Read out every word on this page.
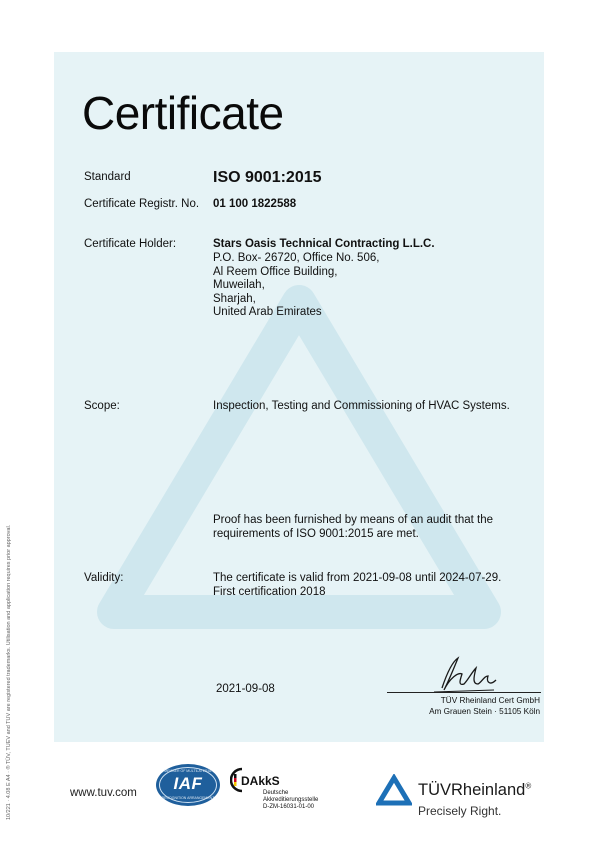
Certificate
Standard	ISO 9001:2015
Certificate Registr. No. 01 100 1822588
Certificate Holder:	Stars Oasis Technical Contracting L.L.C.
P.O. Box- 26720, Office No. 506,
Al Reem Office Building,
Muweilah,
Sharjah,
United Arab Emirates
Scope:	Inspection, Testing and Commissioning of HVAC Systems.
Proof has been furnished by means of an audit that the
requirements of ISO 9001:2015 are met.
Validity:	The certificate is valid from 2021-09-08 until 2024-07-29.
First certification 2018
2021-09-08
TÜV Rheinland Cert GmbH
Am Grauen Stein · 51105 Köln
10/221 · 4.08 E A4 · ® TÜV, TUEV and TUV are registered trademarks. Utilisation and application requires prior approval.	www.tuv.com
MEMBER OF MULTILATERAL
IAF
RECOGNITION ARRANGEMENT
DAkkS
Deutsche
Akkreditierungsstelle
D-ZM-16031-01-00
TÜVRheinland®
Precisely Right.
